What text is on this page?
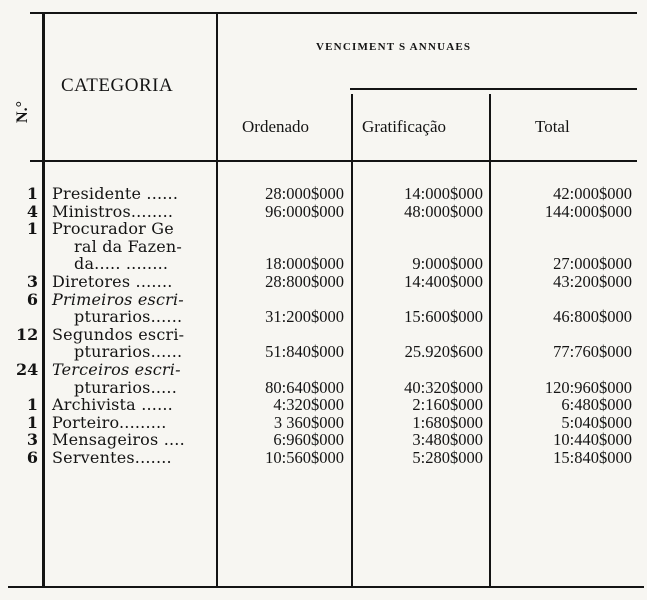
N.°
CATEGORIA
VENCIMENT S ANNUAES
Ordenado	Gratificação	Total
1 Presidente ......	28:000$000	14:000$000	42:000$000
4 Ministros........	96:000$000	48:000$000	144:000$000
1 Procurador Ge
ral da Fazen-
da..... ........	18:000$000	9:000$000	27:000$000
3 Diretores .......	28:800$000	14:400$000	43:200$000
6 Primeiros escri-
pturarios......	31:200$000	15:600$000	46:800$000
12 Segundos escri-
pturarios......	51:840$000	25.920$600	77:760$000
24 Terceiros escri-
pturarios.....	80:640$000	40:320$000	120:960$000
1 Archivista ......	4:320$000	2:160$000	6:480$000
1 Porteiro.........	3 360$000	1:680$000	5:040$000
3 Mensageiros ....	6:960$000	3:480$000	10:440$000
6 Serventes.......	10:560$000	5:280$000	15:840$000
